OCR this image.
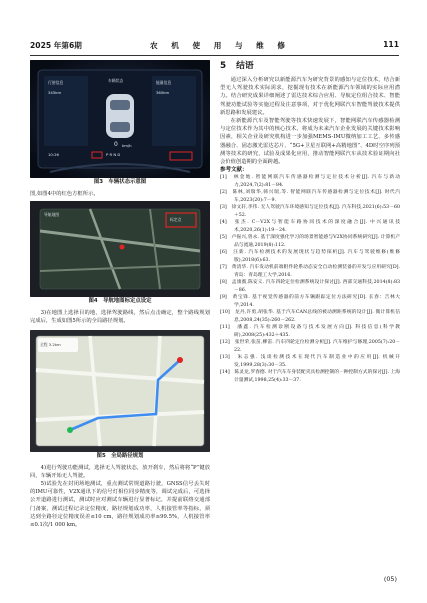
2025 年第6期	农 机 使 用 与 维 修	111
行驶信息
345km
能量信息
360km
车辆状态
0 km/h
P R N D
10:26
图3　车辆状态示意图

图,如图4中的红色方框所示。

导航地图
标定点
图4　导航地图标定点设定

3)在地图上选择目的地，选择驾驶路线，然后点击确定，整个路线规划完成后，生成如图5所示的全局路径规划。

全程 3.2km
图5　全局路径规划

4)进行驾驶功能测试，选择无人驾驶状态，放开刹车，然后将将“P”键放回，车辆开始无人驾驶。

5)试验先在封闭场地测试，重点测试常规道路行驶，GNSS信号丢失时的IMU可靠性，V2X通讯下的信号灯相位同步精度等，调试完成后，可选择公开道路进行测试，测试时应对测试车辆进行显著标记，并提前联络交通部门备案，测试过程记录定位精度，路径规划成功率，人机接管率等指标，须达到全路径定位精度误差≤10 cm，路径规划成功率≥99.5%，人机接管率≤0.1次/1 000 km。

5 结语

通过深入分析研究以新能源汽车为研究背景的感知与定位技术，结合新型无人驾驶技术实际需求，挖掘现有技术在新能源汽车领域的实际应用潜力。结合研究成果详细阐述了雷达技术综合应用、导航定位组合技术、智能驾驶功能试验等实施过程及注意事项，对于优化网联汽车智能驾驶技术提供新思路和发展建议。

在新能源汽车及智能驾驶等技术快速发展下，智能网联汽车传感器检测与定位技术作为其中的核心技术，将成为未来汽车企业发展的关键技术影响因素，相关企业及研究机构进一步加强MEMS-IMU微纳加工工艺、多传感器融合、固态激光雷达芯片、“5G+卫星互联网+高精地图”、4D时空序列预测等技术的研究，试验及成果化应用，推动智能网联汽车从技术验证期向社会价值创造期的全面跨越。

参考文献：
[1]　林金地. 智能网联汽车传感器检测与定位技术分析[J]. 汽车与新动力,2024,7(2):81－84.
[2]　陈林,刘瑞华,韩兴瑞,等. 智能网联汽车传感器检测与定位技术[J]. 时代汽车,2023(20):7－9.
[3]　徐文轩,李伟. 无人驾驶汽车环境感知与定位技术[J]. 汽车科技,2021(6):53－60＋52.
[4]　张杰. C－V2X与智能车路协同技术的深度融合[J]. 中兴通讯技术,2020,26(1):19－24.
[5]　卢振兴,曾永. 基于深度强化学习的场景智能感与V2X协同系统研究[J]. 计算机产品与流通,2019(8):112.
[6]　汪新. 汽车检测技术的发展现状与趋势探析[J]. 汽车与驾驶维修(维修版),2018(6):63.
[7]　黄清华. 汽车发动机前端附件轮系动态安全自动检测装备的开发与应用研究[D]. 青岛：青岛理工大学,2016.
[8]　孟康薇,陈安义. 汽车四轮定位检测系统设计探讨[J]. 西部交通科技,2014(8):83－86.
[9]　黄宝锋. 基于视觉传感器的前方车辆跟踪定位方法研究[D]. 长春：吉林大学,2014.
[10]　龙丹,许勇,胡张华. 基于汽车CAN总线的被动测距系统的设计[J]. 微计算机信息,2008,24(35):260－262.
[11]　潘鑫. 汽车检测诊断设备与技术发展方向[J]. 科技信息(科学教研),2008(25):432＋435.
[12]　张世荣,张苗,柳雷. 汽车四轮定位检测分析[J]. 汽车维护与修理,2005(7):20－22.
[13]　朱志强. 浅谈检测技术在现代汽车制造业中的应用[J]. 机械开发,1999,28(3):30－35.
[14]　陈灵龙,罗春德. 对于汽车车身装配夹具检测控制的一种控制方式的探讨[J]. 上海计量测试,1998,25(4):33－37.
(05)
